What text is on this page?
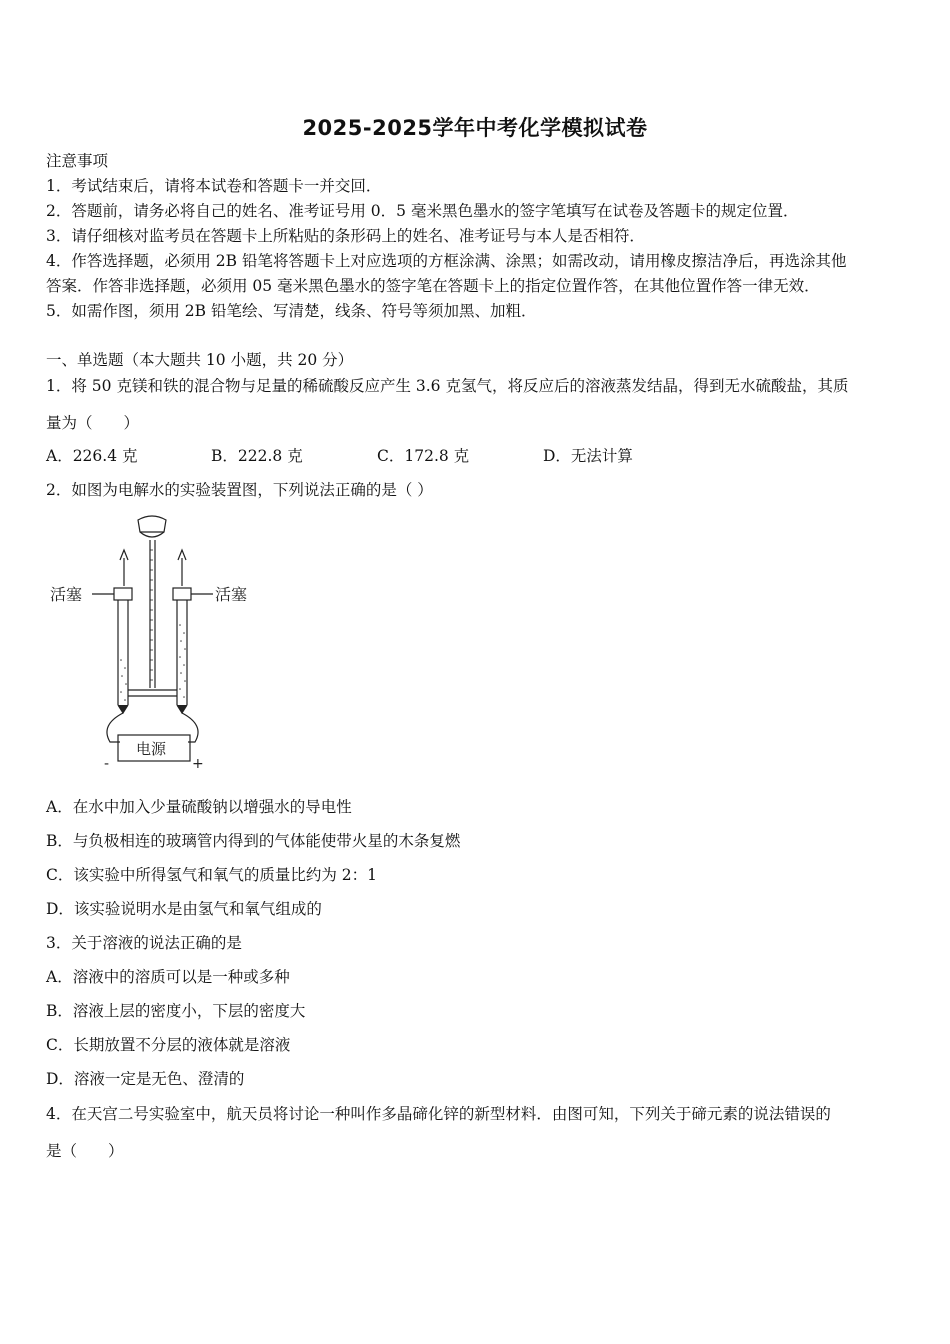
2025-2025学年中考化学模拟试卷
注意事项
1．考试结束后，请将本试卷和答题卡一并交回．
2．答题前，请务必将自己的姓名、准考证号用 0．5 毫米黑色墨水的签字笔填写在试卷及答题卡的规定位置．
3．请仔细核对监考员在答题卡上所粘贴的条形码上的姓名、准考证号与本人是否相符．
4．作答选择题，必须用 2B 铅笔将答题卡上对应选项的方框涂满、涂黑；如需改动，请用橡皮擦洁净后，再选涂其他
答案．作答非选择题，必须用 05 毫米黑色墨水的签字笔在答题卡上的指定位置作答，在其他位置作答一律无效．
5．如需作图，须用 2B 铅笔绘、写清楚，线条、符号等须加黑、加粗．
一、单选题（本大题共 10 小题，共 20 分）
1．将 50 克镁和铁的混合物与足量的稀硫酸反应产生 3.6 克氢气，将反应后的溶液蒸发结晶，得到无水硫酸盐，其质
量为（　　）
A．226.4 克	B．222.8 克	C．172.8 克	D．无法计算
2．如图为电解水的实验装置图，下列说法正确的是（ ）
活塞	活塞
电源
-	+
A．在水中加入少量硫酸钠以增强水的导电性
B．与负极相连的玻璃管内得到的气体能使带火星的木条复燃
C．该实验中所得氢气和氧气的质量比约为 2：1
D．该实验说明水是由氢气和氧气组成的
3．关于溶液的说法正确的是
A．溶液中的溶质可以是一种或多种
B．溶液上层的密度小，下层的密度大
C．长期放置不分层的液体就是溶液
D．溶液一定是无色、澄清的
4．在天宫二号实验室中，航天员将讨论一种叫作多晶碲化锌的新型材料．由图可知，下列关于碲元素的说法错误的
是（　　）
